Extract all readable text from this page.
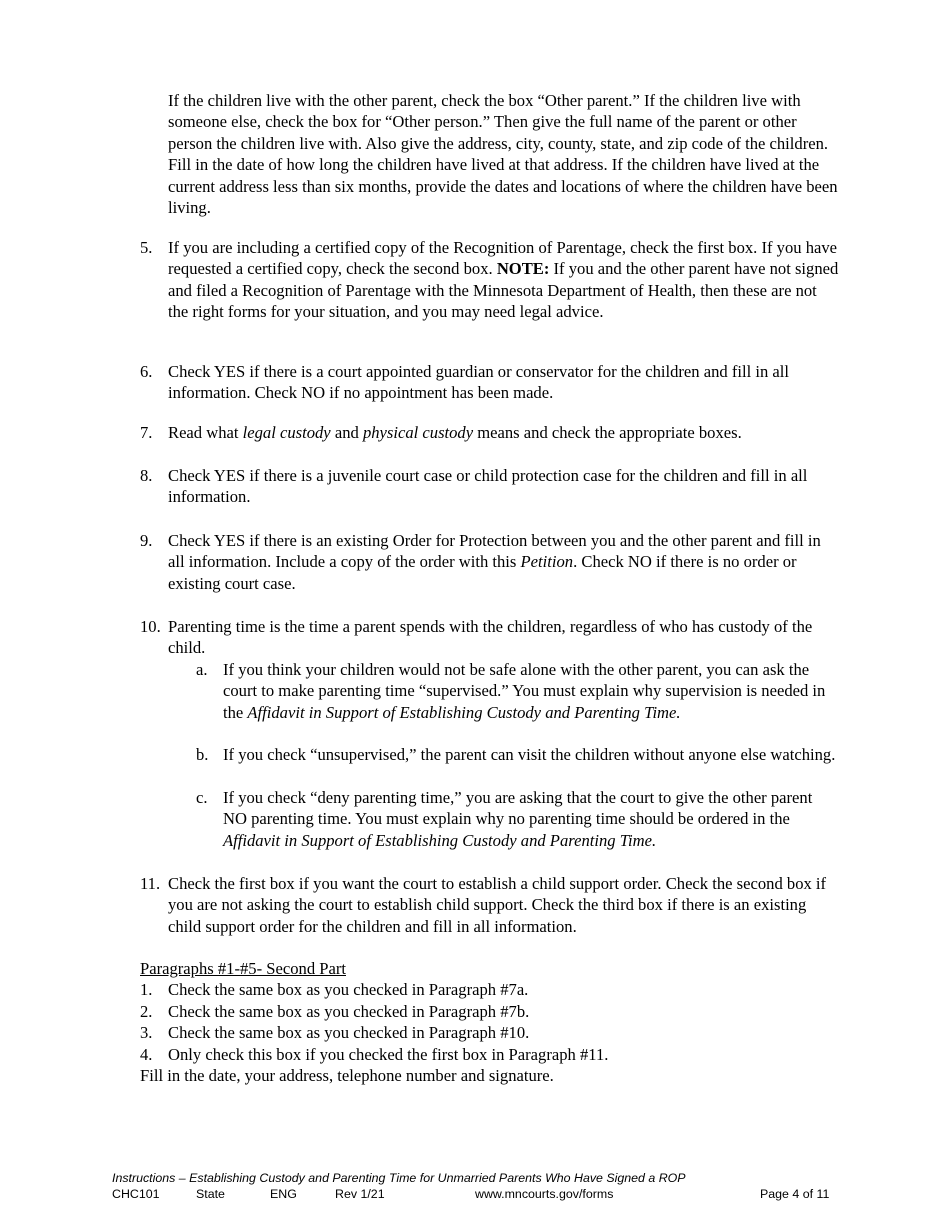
If the children live with the other parent, check the box “Other parent.” If the children live with someone else, check the box for “Other person.” Then give the full name of the parent or other person the children live with. Also give the address, city, county, state, and zip code of the children. Fill in the date of how long the children have lived at that address. If the children have lived at the current address less than six months, provide the dates and locations of where the children have been living.
5. If you are including a certified copy of the Recognition of Parentage, check the first box. If you have requested a certified copy, check the second box. NOTE: If you and the other parent have not signed and filed a Recognition of Parentage with the Minnesota Department of Health, then these are not the right forms for your situation, and you may need legal advice.
6. Check YES if there is a court appointed guardian or conservator for the children and fill in all information. Check NO if no appointment has been made.
7. Read what legal custody and physical custody means and check the appropriate boxes.
8. Check YES if there is a juvenile court case or child protection case for the children and fill in all information.
9. Check YES if there is an existing Order for Protection between you and the other parent and fill in all information. Include a copy of the order with this Petition. Check NO if there is no order or existing court case.
10. Parenting time is the time a parent spends with the children, regardless of who has custody of the child.
a. If you think your children would not be safe alone with the other parent, you can ask the court to make parenting time “supervised.” You must explain why supervision is needed in the Affidavit in Support of Establishing Custody and Parenting Time.
b. If you check “unsupervised,” the parent can visit the children without anyone else watching.
c. If you check “deny parenting time,” you are asking that the court to give the other parent NO parenting time. You must explain why no parenting time should be ordered in the Affidavit in Support of Establishing Custody and Parenting Time.
11. Check the first box if you want the court to establish a child support order. Check the second box if you are not asking the court to establish child support. Check the third box if there is an existing child support order for the children and fill in all information.
Paragraphs #1-#5- Second Part
1. Check the same box as you checked in Paragraph #7a.
2. Check the same box as you checked in Paragraph #7b.
3. Check the same box as you checked in Paragraph #10.
4. Only check this box if you checked the first box in Paragraph #11.
Fill in the date, your address, telephone number and signature.
Instructions – Establishing Custody and Parenting Time for Unmarried Parents Who Have Signed a ROP
CHC101	State	ENG	Rev 1/21	www.mncourts.gov/forms	Page 4 of 11
